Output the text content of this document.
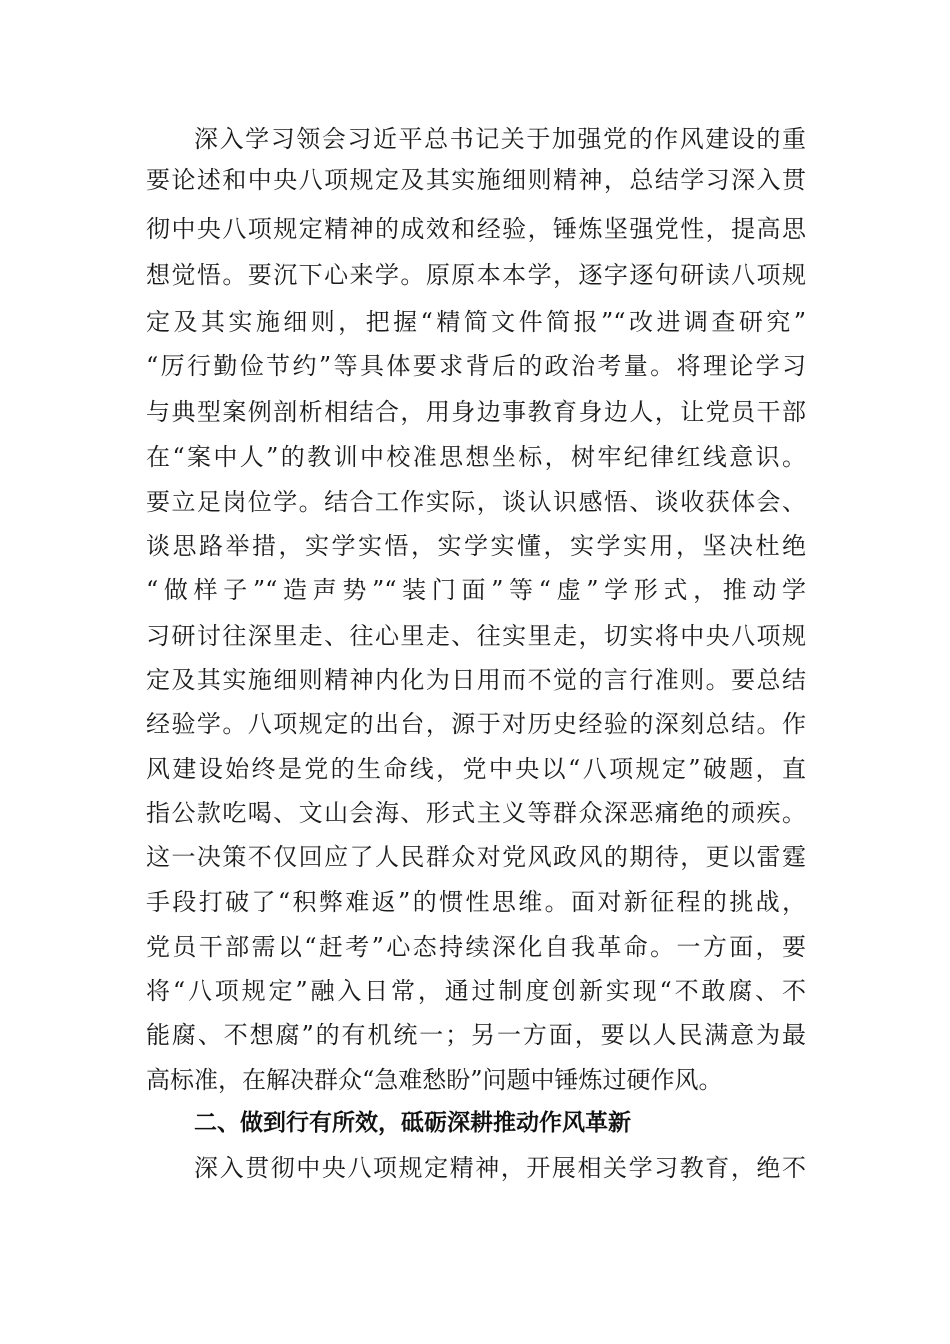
深入学习领会习近平总书记关于加强党的作风建设的重
要论述和中央八项规定及其实施细则精神，总结学习深入贯
彻中央八项规定精神的成效和经验，锤炼坚强党性，提高思
想觉悟。要沉下心来学。原原本本学，逐字逐句研读八项规
定及其实施细则，把握“精简文件简报”“改进调查研究”
“厉行勤俭节约”等具体要求背后的政治考量。将理论学习
与典型案例剖析相结合，用身边事教育身边人，让党员干部
在“案中人”的教训中校准思想坐标，树牢纪律红线意识。
要立足岗位学。结合工作实际，谈认识感悟、谈收获体会、
谈思路举措，实学实悟，实学实懂，实学实用，坚决杜绝
“做样子”“造声势”“装门面”等“虚”学形式，推动学
习研讨往深里走、往心里走、往实里走，切实将中央八项规
定及其实施细则精神内化为日用而不觉的言行准则。要总结
经验学。八项规定的出台，源于对历史经验的深刻总结。作
风建设始终是党的生命线，党中央以“八项规定”破题，直
指公款吃喝、文山会海、形式主义等群众深恶痛绝的顽疾。
这一决策不仅回应了人民群众对党风政风的期待，更以雷霆
手段打破了“积弊难返”的惯性思维。面对新征程的挑战，
党员干部需以“赶考”心态持续深化自我革命。一方面，要
将“八项规定”融入日常，通过制度创新实现“不敢腐、不
能腐、不想腐”的有机统一；另一方面，要以人民满意为最
高标准，在解决群众“急难愁盼”问题中锤炼过硬作风。
二、做到行有所效，砥砺深耕推动作风革新
深入贯彻中央八项规定精神，开展相关学习教育，绝不
